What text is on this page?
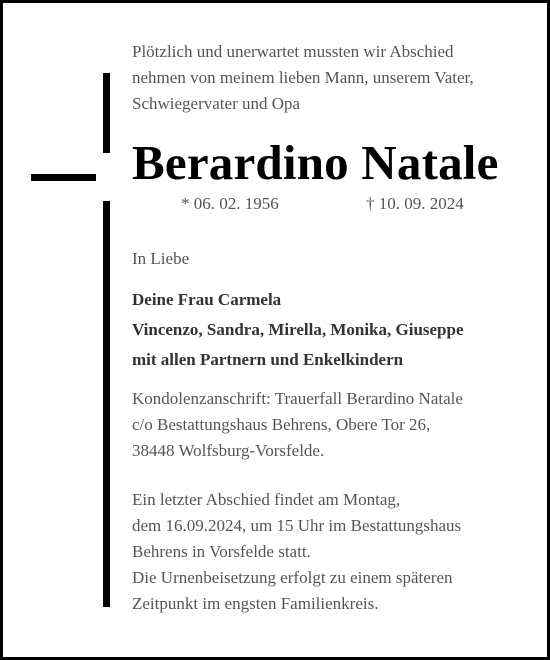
Plötzlich und unerwartet mussten wir Abschied
nehmen von meinem lieben Mann, unserem Vater,
Schwiegervater und Opa

Berardino Natale
* 06. 02. 1956	† 10. 09. 2024

In Liebe

Deine Frau Carmela
Vincenzo, Sandra, Mirella, Monika, Giuseppe
mit allen Partnern und Enkelkindern

Kondolenzanschrift: Trauerfall Berardino Natale
c/o Bestattungshaus Behrens, Obere Tor 26,
38448 Wolfsburg-Vorsfelde.

Ein letzter Abschied findet am Montag,
dem 16.09.2024, um 15 Uhr im Bestattungshaus
Behrens in Vorsfelde statt.
Die Urnenbeisetzung erfolgt zu einem späteren
Zeitpunkt im engsten Familienkreis.
